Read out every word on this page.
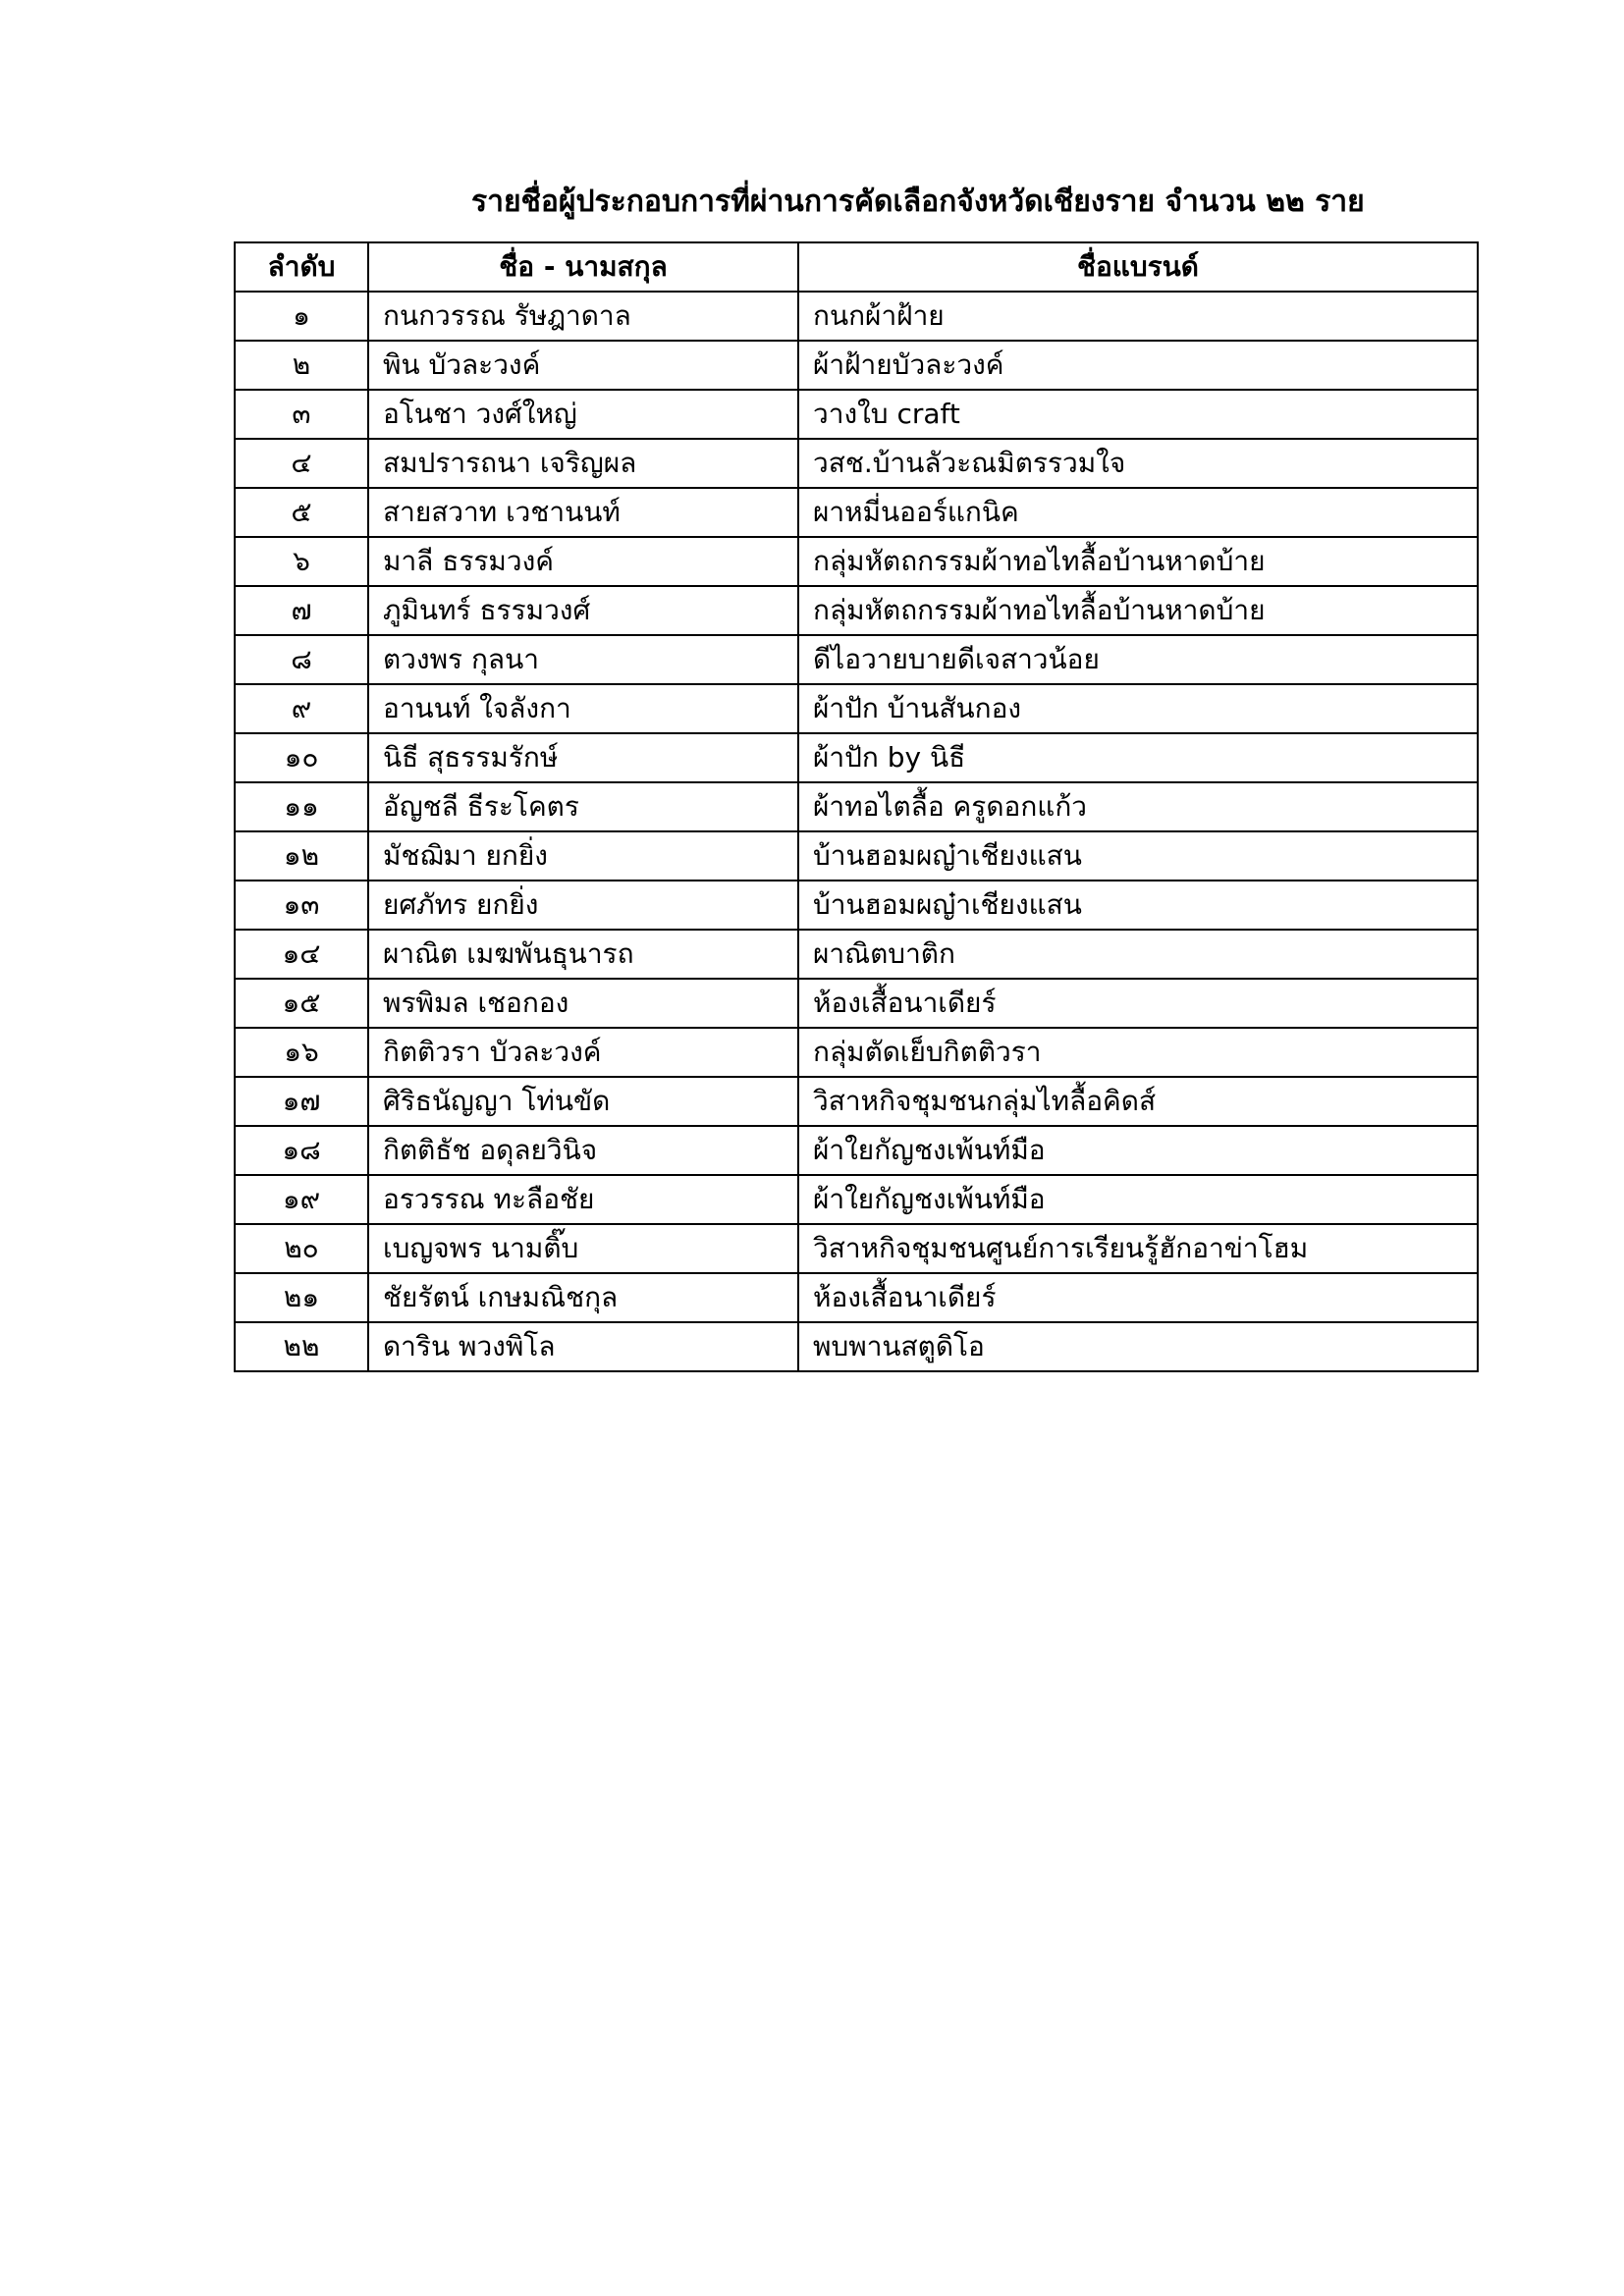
รายชื่อผู้ประกอบการที่ผ่านการคัดเลือกจังหวัดเชียงราย จำนวน ๒๒ ราย
ลำดับ	ชื่อ - นามสกุล	ชื่อแบรนด์
๑	กนกวรรณ รัษฎาดาล	กนกผ้าฝ้าย
๒	พิน บัวละวงค์	ผ้าฝ้ายบัวละวงค์
๓	อโนชา วงศ์ใหญ่	วางใบ craft
๔	สมปรารถนา เจริญผล	วสช.บ้านลัวะณมิตรรวมใจ
๕	สายสวาท เวชานนท์	ผาหมี่นออร์แกนิค
๖	มาลี ธรรมวงค์	กลุ่มหัตถกรรมผ้าทอไทลื้อบ้านหาดบ้าย
๗	ภูมินทร์ ธรรมวงศ์	กลุ่มหัตถกรรมผ้าทอไทลื้อบ้านหาดบ้าย
๘	ตวงพร กุลนา	ดีไอวายบายดีเจสาวน้อย
๙	อานนท์ ใจลังกา	ผ้าปัก บ้านสันกอง
๑๐	นิธี สุธรรมรักษ์	ผ้าปัก by นิธี
๑๑	อัญชลี ธีระโคตร	ผ้าทอไตลื้อ ครูดอกแก้ว
๑๒	มัชฌิมา ยกยิ่ง	บ้านฮอมผญ๋าเชียงแสน
๑๓	ยศภัทร ยกยิ่ง	บ้านฮอมผญ๋าเชียงแสน
๑๔	ผาณิต เมฆพันธุนารถ	ผาณิตบาติก
๑๕	พรพิมล เชอกอง	ห้องเสื้อนาเดียร์
๑๖	กิตติวรา บัวละวงค์	กลุ่มตัดเย็บกิตติวรา
๑๗	ศิริธนัญญา โท่นขัด	วิสาหกิจชุมชนกลุ่มไทลื้อคิดส์
๑๘	กิตติธัช อดุลยวินิจ	ผ้าใยกัญชงเพ้นท์มือ
๑๙	อรวรรณ ทะลือชัย	ผ้าใยกัญชงเพ้นท์มือ
๒๐	เบญจพร นามติ๊บ	วิสาหกิจชุมชนศูนย์การเรียนรู้ฮักอาข่าโฮม
๒๑	ชัยรัตน์ เกษมณิชกุล	ห้องเสื้อนาเดียร์
๒๒	ดาริน พวงพิโล	พบพานสตูดิโอ
